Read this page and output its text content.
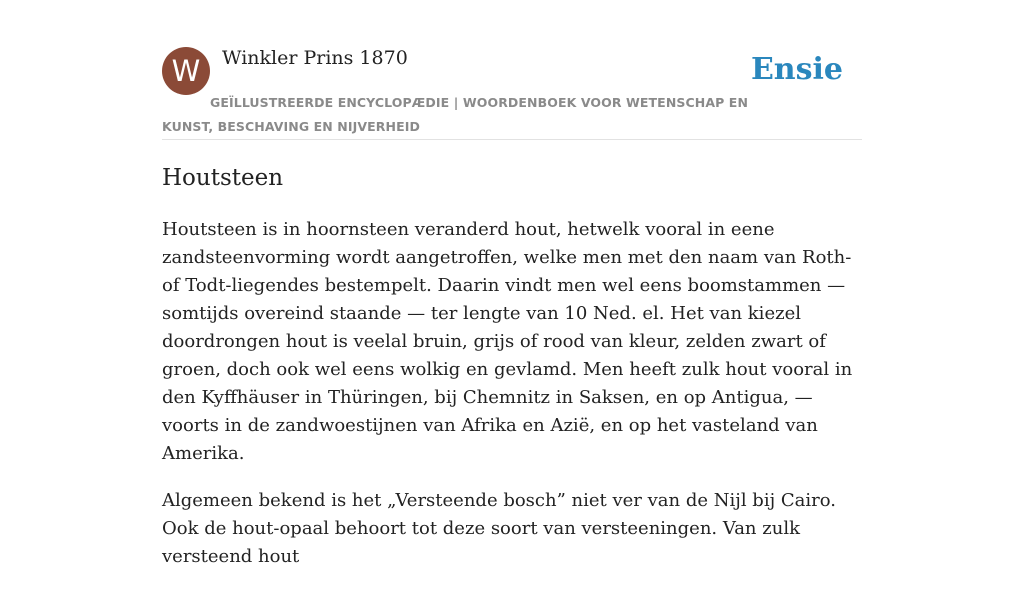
W	Winkler Prins 1870	Ensie
GEÏLLUSTREERDE ENCYCLOPÆDIE | WOORDENBOEK VOOR WETENSCHAP EN KUNST, BESCHAVING EN NIJVERHEID
Houtsteen

Houtsteen is in hoornsteen veranderd hout, hetwelk vooral in eene zandsteenvorming wordt aangetroffen, welke men met den naam van Roth- of Todt-liegendes bestempelt. Daarin vindt men wel eens boomstammen — somtijds overeind staande — ter lengte van 10 Ned. el. Het van kiezel doordrongen hout is veelal bruin, grijs of rood van kleur, zelden zwart of groen, doch ook wel eens wolkig en gevlamd. Men heeft zulk hout vooral in den Kyffhäuser in Thüringen, bij Chemnitz in Saksen, en op Antigua, — voorts in de zandwoestijnen van Afrika en Azië, en op het vasteland van Amerika.

Algemeen bekend is het „Versteende bosch” niet ver van de Nijl bij Cairo. Ook de hout-opaal behoort tot deze soort van versteeningen. Van zulk versteend hout
